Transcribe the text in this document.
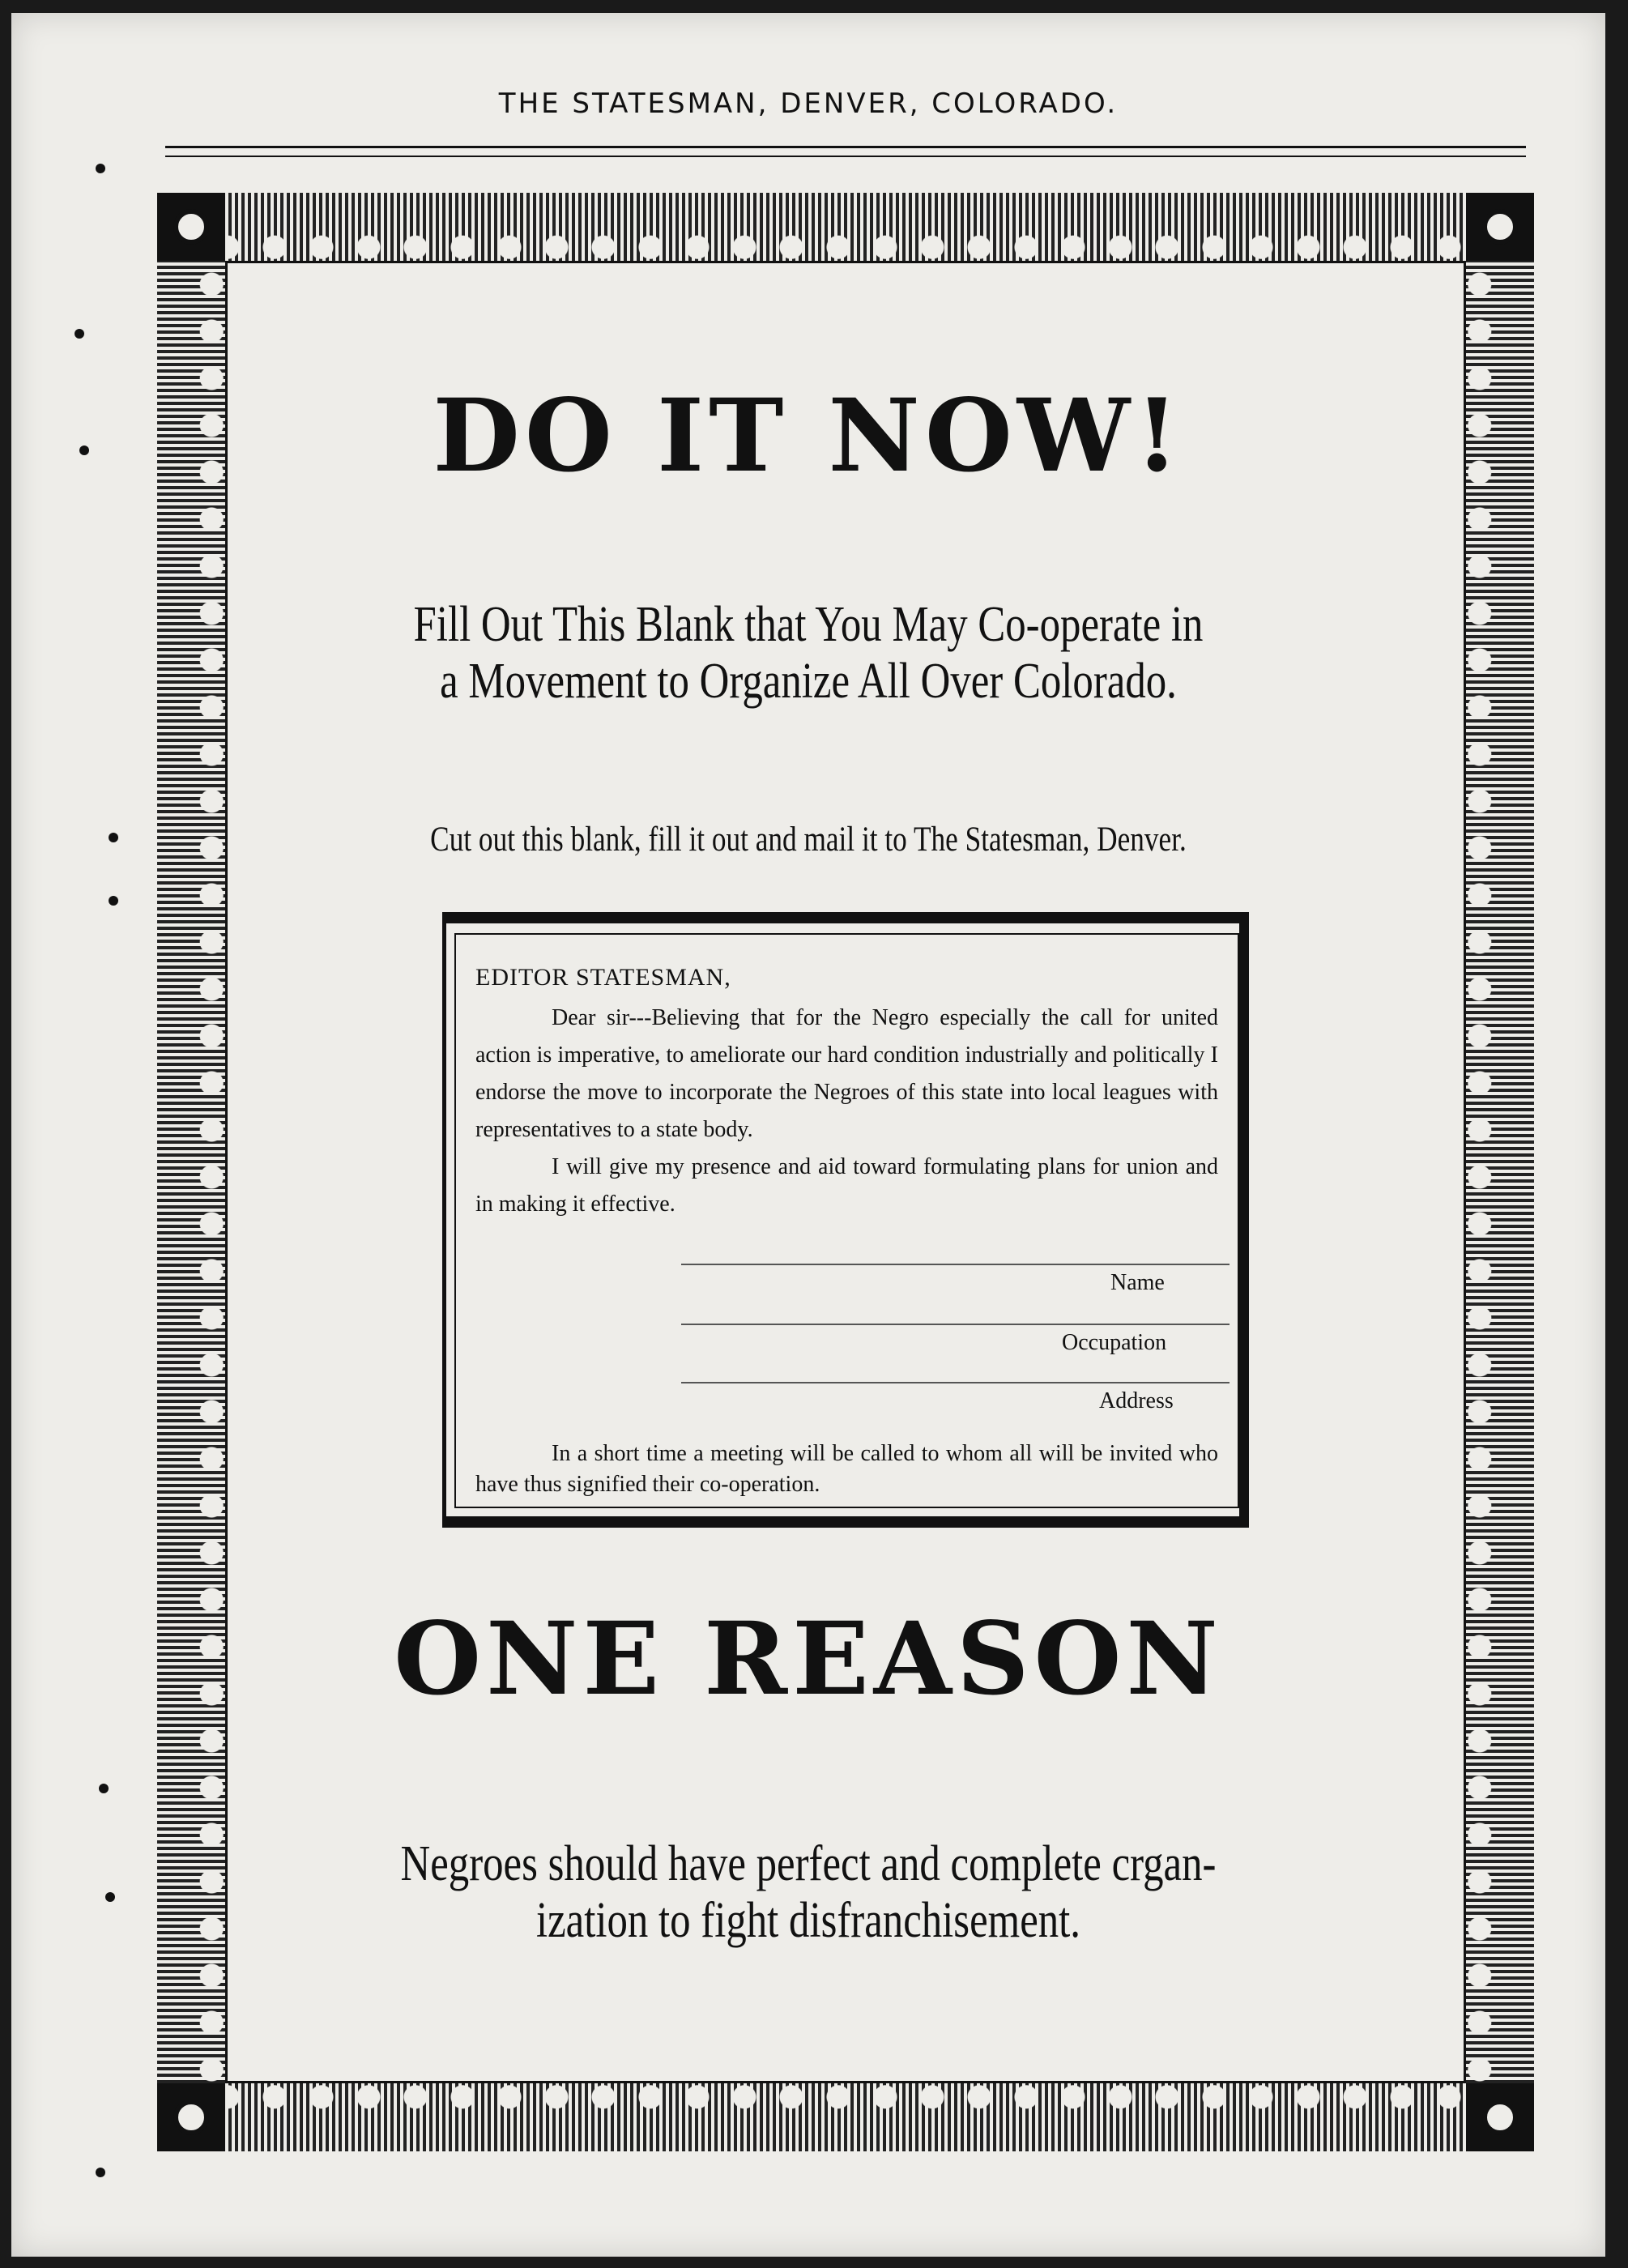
THE STATESMAN, DENVER, COLORADO.
DO IT NOW!
Fill Out This Blank that You May Co-operate in
a Movement to Organize All Over Colorado.
Cut out this blank, fill it out and mail it to The Statesman, Denver.
EDITOR STATESMAN,
Dear sir---Believing that for the Negro especially the call for united action is imperative, to ameliorate our hard condition industrially and politically I endorse the move to incorporate the Negroes of this state into local leagues with representatives to a state body.
I will give my presence and aid toward formulating plans for union and in making it effective.
Name
Occupation
Address
In a short time a meeting will be called to whom all will be invited who have thus signified their co-operation.
ONE REASON
Negroes should have perfect and complete crgan-
ization to fight disfranchisement.
